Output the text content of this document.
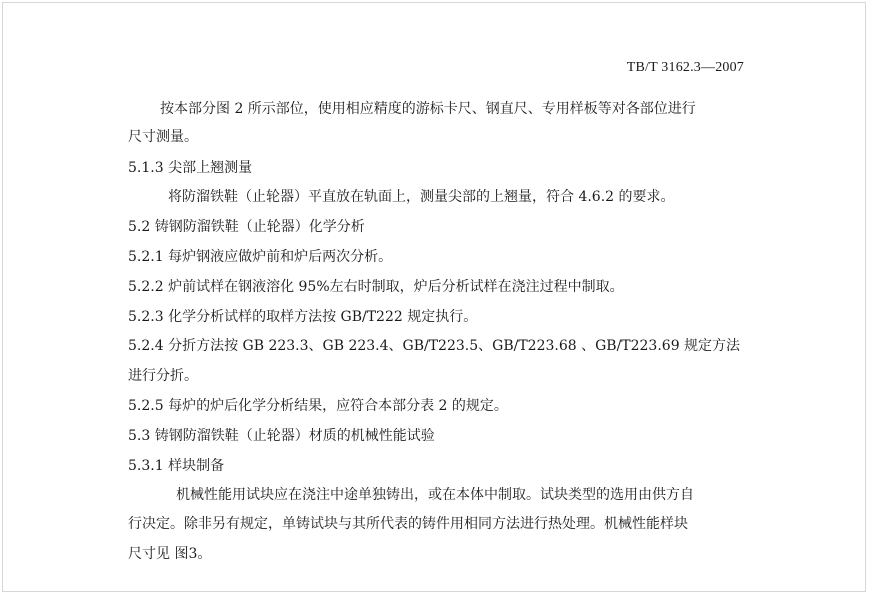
TB/T 3162.3—2007
按本部分图 2 所示部位，使用相应精度的游标卡尺、钢直尺、专用样板等对各部位进行
尺寸测量。
5.1.3 尖部上翘测量
将防溜铁鞋（止轮器）平直放在轨面上，测量尖部的上翘量，符合 4.6.2 的要求。
5.2 铸钢防溜铁鞋（止轮器）化学分析
5.2.1 每炉钢液应做炉前和炉后两次分析。
5.2.2 炉前试样在钢液溶化 95%左右时制取，炉后分析试样在浇注过程中制取。
5.2.3 化学分析试样的取样方法按 GB/T222 规定执行。
5.2.4 分折方法按 GB 223.3、GB 223.4、GB/T223.5、GB/T223.68 、GB/T223.69 规定方法
进行分折。
5.2.5 每炉的炉后化学分析结果，应符合本部分表 2 的规定。
5.3 铸钢防溜铁鞋（止轮器）材质的机械性能试验
5.3.1 样块制备
机械性能用试块应在浇注中途单独铸出，或在本体中制取。试块类型的选用由供方自
行决定。除非另有规定，单铸试块与其所代表的铸件用相同方法进行热处理。机械性能样块
尺寸见 图3。
